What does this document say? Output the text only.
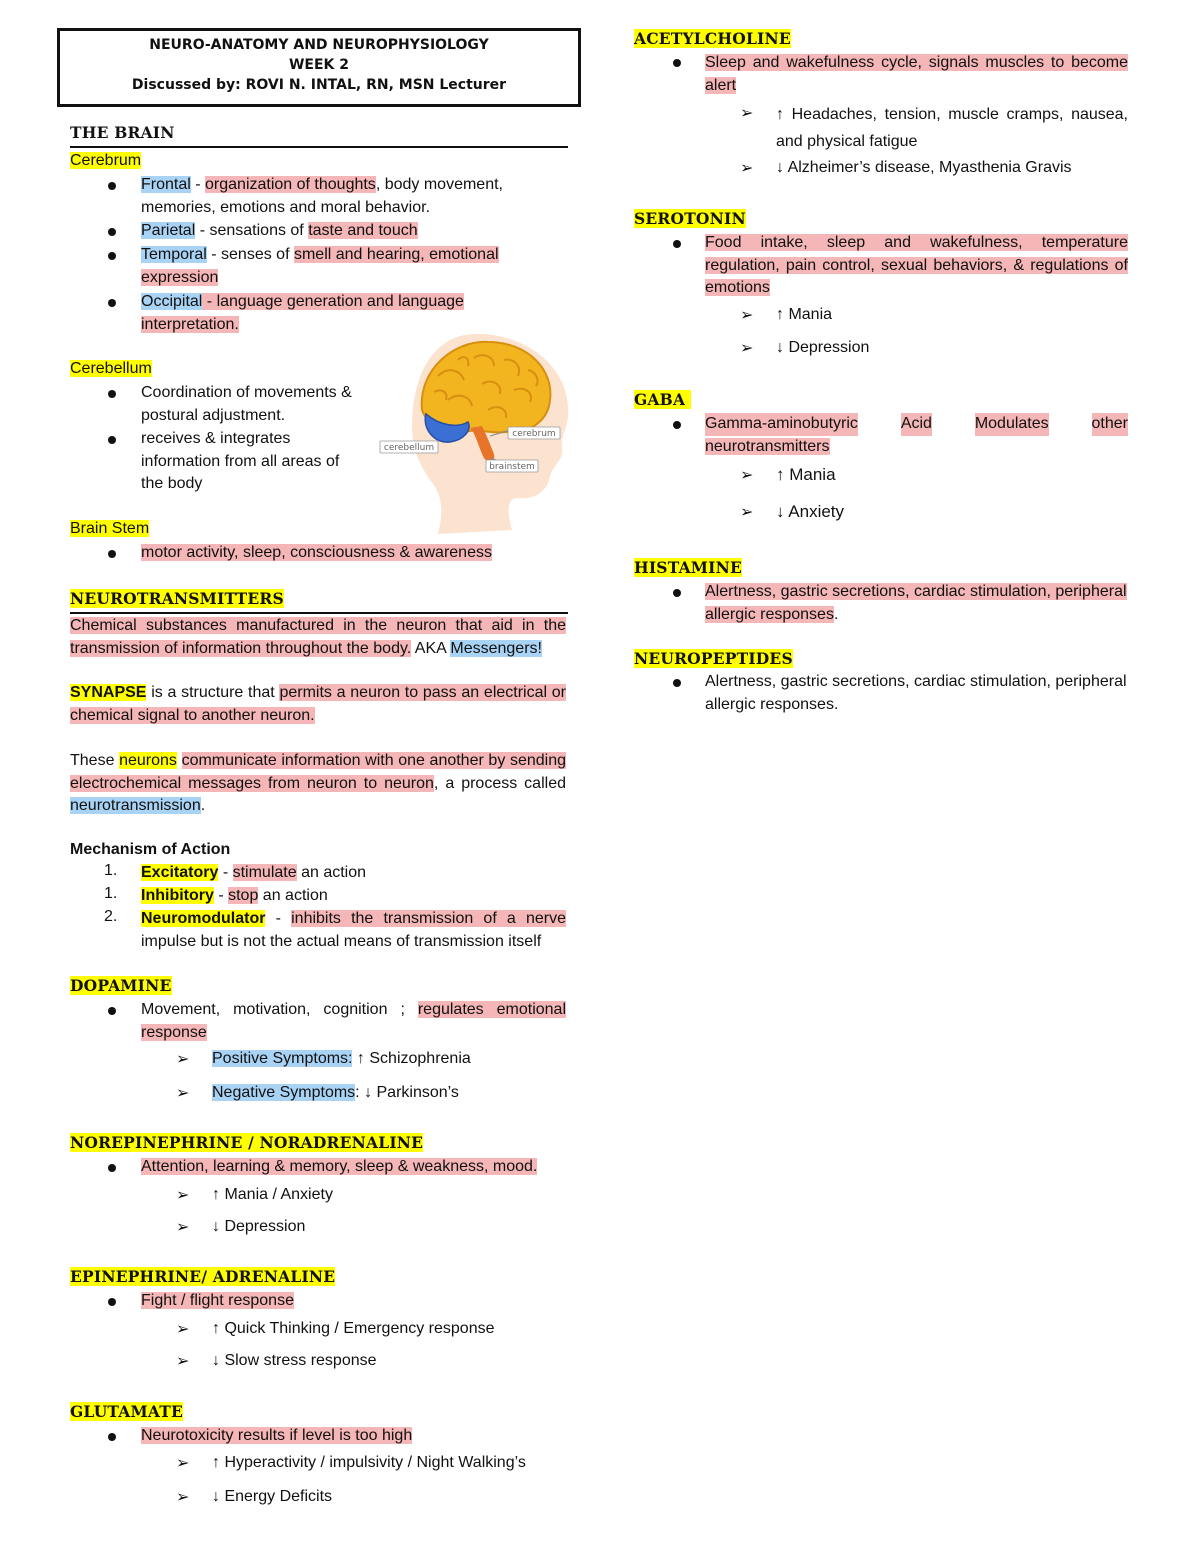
NEURO-ANATOMY AND NEUROPHYSIOLOGY
WEEK 2
Discussed by: ROVI N. INTAL, RN, MSN Lecturer
THE BRAIN
Cerebrum
Frontal - organization of thoughts, body movement, memories, emotions and moral behavior.
Parietal - sensations of taste and touch
Temporal - senses of smell and hearing, emotional expression
Occipital - language generation and language interpretation.
Cerebellum
Coordination of movements & postural adjustment.
receives & integrates information from all areas of the body
Brain Stem
motor activity, sleep, consciousness & awareness
NEUROTRANSMITTERS
Chemical substances manufactured in the neuron that aid in the transmission of information throughout the body. AKA Messengers!
SYNAPSE is a structure that permits a neuron to pass an electrical or chemical signal to another neuron.
These neurons communicate information with one another by sending electrochemical messages from neuron to neuron, a process called neurotransmission.
Mechanism of Action
1. Excitatory - stimulate an action
1. Inhibitory - stop an action
2. Neuromodulator - inhibits the transmission of a nerve impulse but is not the actual means of transmission itself
DOPAMINE
Movement, motivation, cognition ; regulates emotional response
➢ Positive Symptoms: ↑ Schizophrenia
➢ Negative Symptoms: ↓ Parkinson’s
NOREPINEPHRINE / NORADRENALINE
Attention, learning & memory, sleep & weakness, mood.
➢ ↑ Mania / Anxiety
➢ ↓ Depression
EPINEPHRINE/ ADRENALINE
Fight / flight response
➢ ↑ Quick Thinking / Emergency response
➢ ↓ Slow stress response
GLUTAMATE
Neurotoxicity results if level is too high
➢ ↑ Hyperactivity / impulsivity / Night Walking’s
➢ ↓ Energy Deficits
cerebellum
cerebrum
brainstem
ACETYLCHOLINE
Sleep and wakefulness cycle, signals muscles to become alert
➢ ↑ Headaches, tension, muscle cramps, nausea, and physical fatigue
➢ ↓ Alzheimer’s disease, Myasthenia Gravis
SEROTONIN
Food intake, sleep and wakefulness, temperature regulation, pain control, sexual behaviors, & regulations of emotions
➢ ↑ Mania
➢ ↓ Depression
GABA
Gamma-aminobutyric	Acid	Modulates	other
neurotransmitters
➢ ↑ Mania
➢ ↓ Anxiety
HISTAMINE
Alertness, gastric secretions, cardiac stimulation, peripheral allergic responses.
NEUROPEPTIDES
Alertness, gastric secretions, cardiac stimulation, peripheral allergic responses.
